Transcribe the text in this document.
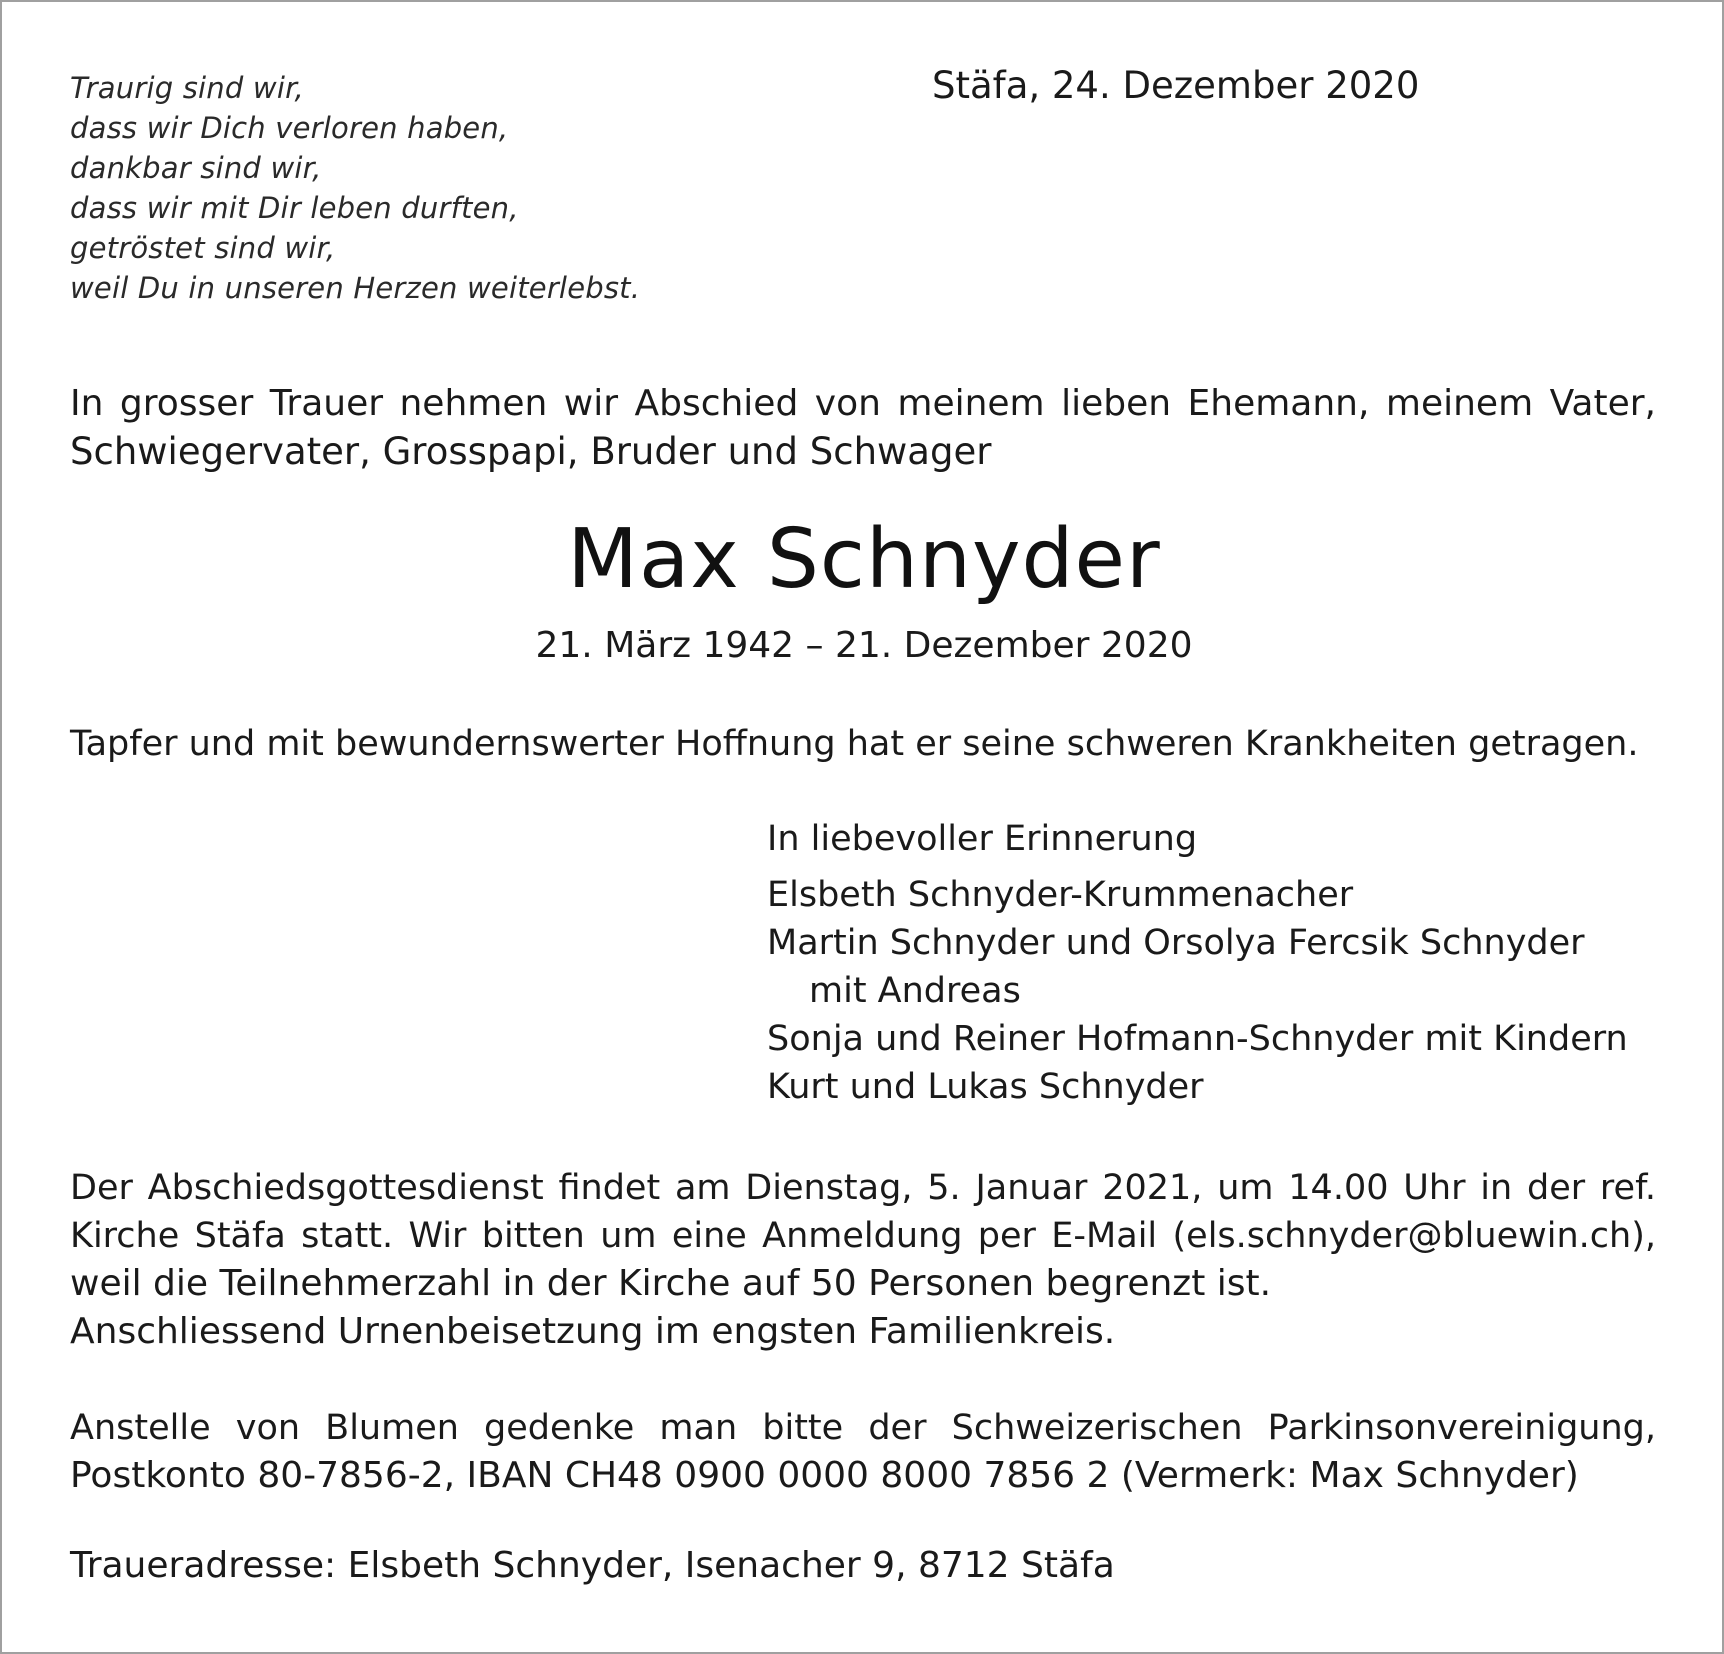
Traurig sind wir,
dass wir Dich verloren haben,
dankbar sind wir,
dass wir mit Dir leben durften,
getröstet sind wir,
weil Du in unseren Herzen weiterlebst.
Stäfa, 24. Dezember 2020
In grosser Trauer nehmen wir Abschied von meinem lieben Ehemann, meinem Vater,
Schwiegervater, Grosspapi, Bruder und Schwager
Max Schnyder
21. März 1942 – 21. Dezember 2020
Tapfer und mit bewundernswerter Hoffnung hat er seine schweren Krankheiten getragen.
In liebevoller Erinnerung
Elsbeth Schnyder-Krummenacher
Martin Schnyder und Orsolya Fercsik Schnyder
mit Andreas
Sonja und Reiner Hofmann-Schnyder mit Kindern
Kurt und Lukas Schnyder
Der Abschiedsgottesdienst findet am Dienstag, 5. Januar 2021, um 14.00 Uhr in der ref.
Kirche Stäfa statt. Wir bitten um eine Anmeldung per E-Mail (els.schnyder@bluewin.ch),
weil die Teilnehmerzahl in der Kirche auf 50 Personen begrenzt ist.
Anschliessend Urnenbeisetzung im engsten Familienkreis.
Anstelle von Blumen gedenke man bitte der Schweizerischen Parkinsonvereinigung,
Postkonto 80-7856-2, IBAN CH48 0900 0000 8000 7856 2 (Vermerk: Max Schnyder)
Traueradresse: Elsbeth Schnyder, Isenacher 9, 8712 Stäfa
